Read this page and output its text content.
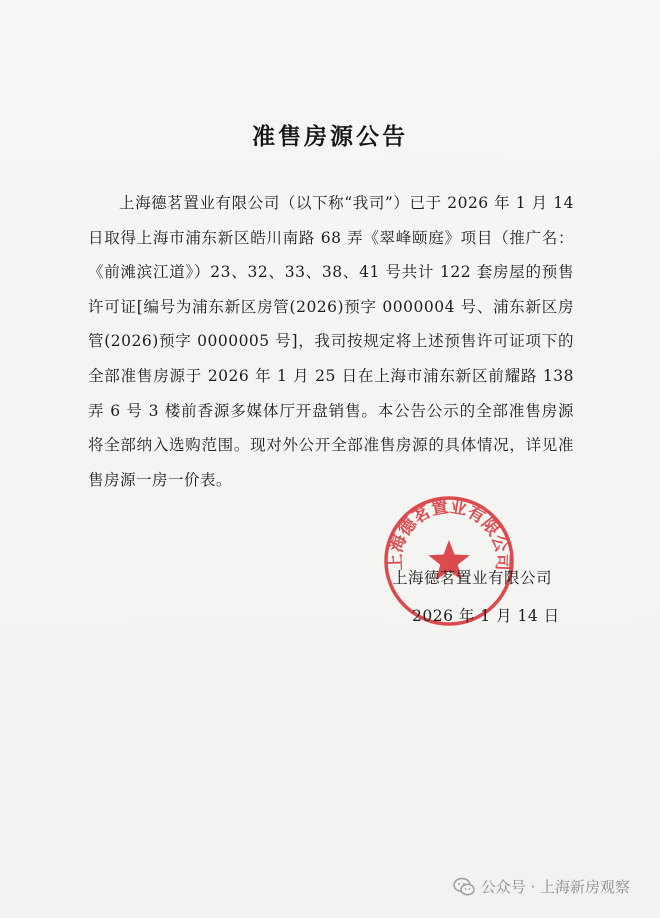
准售房源公告

上海德茗置业有限公司（以下称“我司”）已于 2026 年 1 月 14 日取得上海市浦东新区皓川南路 68 弄《翠峰颐庭》项目（推广名：《前滩滨江道》）23、32、33、38、41 号共计 122 套房屋的预售许可证[编号为浦东新区房管(2026)预字 0000004 号、浦东新区房管(2026)预字 0000005 号]，我司按规定将上述预售许可证项下的全部准售房源于 2026 年 1 月 25 日在上海市浦东新区前耀路 138 弄 6 号 3 楼前香源多媒体厅开盘销售。本公告公示的全部准售房源将全部纳入选购范围。现对外公开全部准售房源的具体情况，详见准售房源一房一价表。

上海德茗置业有限公司
上海德茗置业有限公司
2026 年 1 月 14 日
公众号 · 上海新房观察
